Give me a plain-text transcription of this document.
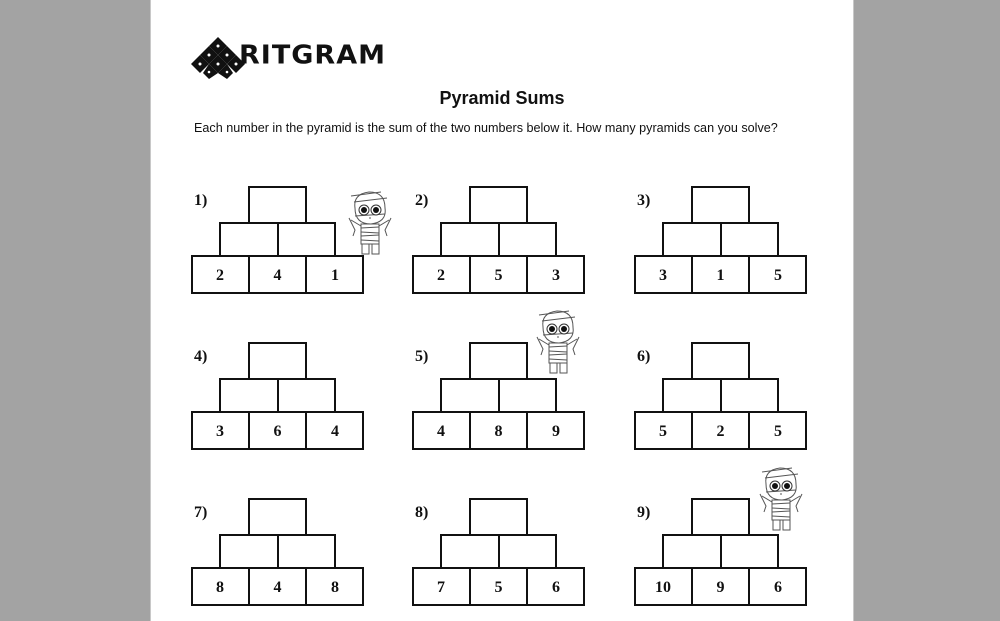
RITGRAM
Pyramid Sums
Each number in the pyramid is the sum of the two numbers below it. How many pyramids can you solve?
1)
2	4	1
2)
2	5	3
3)
3	1	5
4)
3	6	4
5)
4	8	9
6)
5	2	5
7)
8	4	8
8)
7	5	6
9)
10	9	6
